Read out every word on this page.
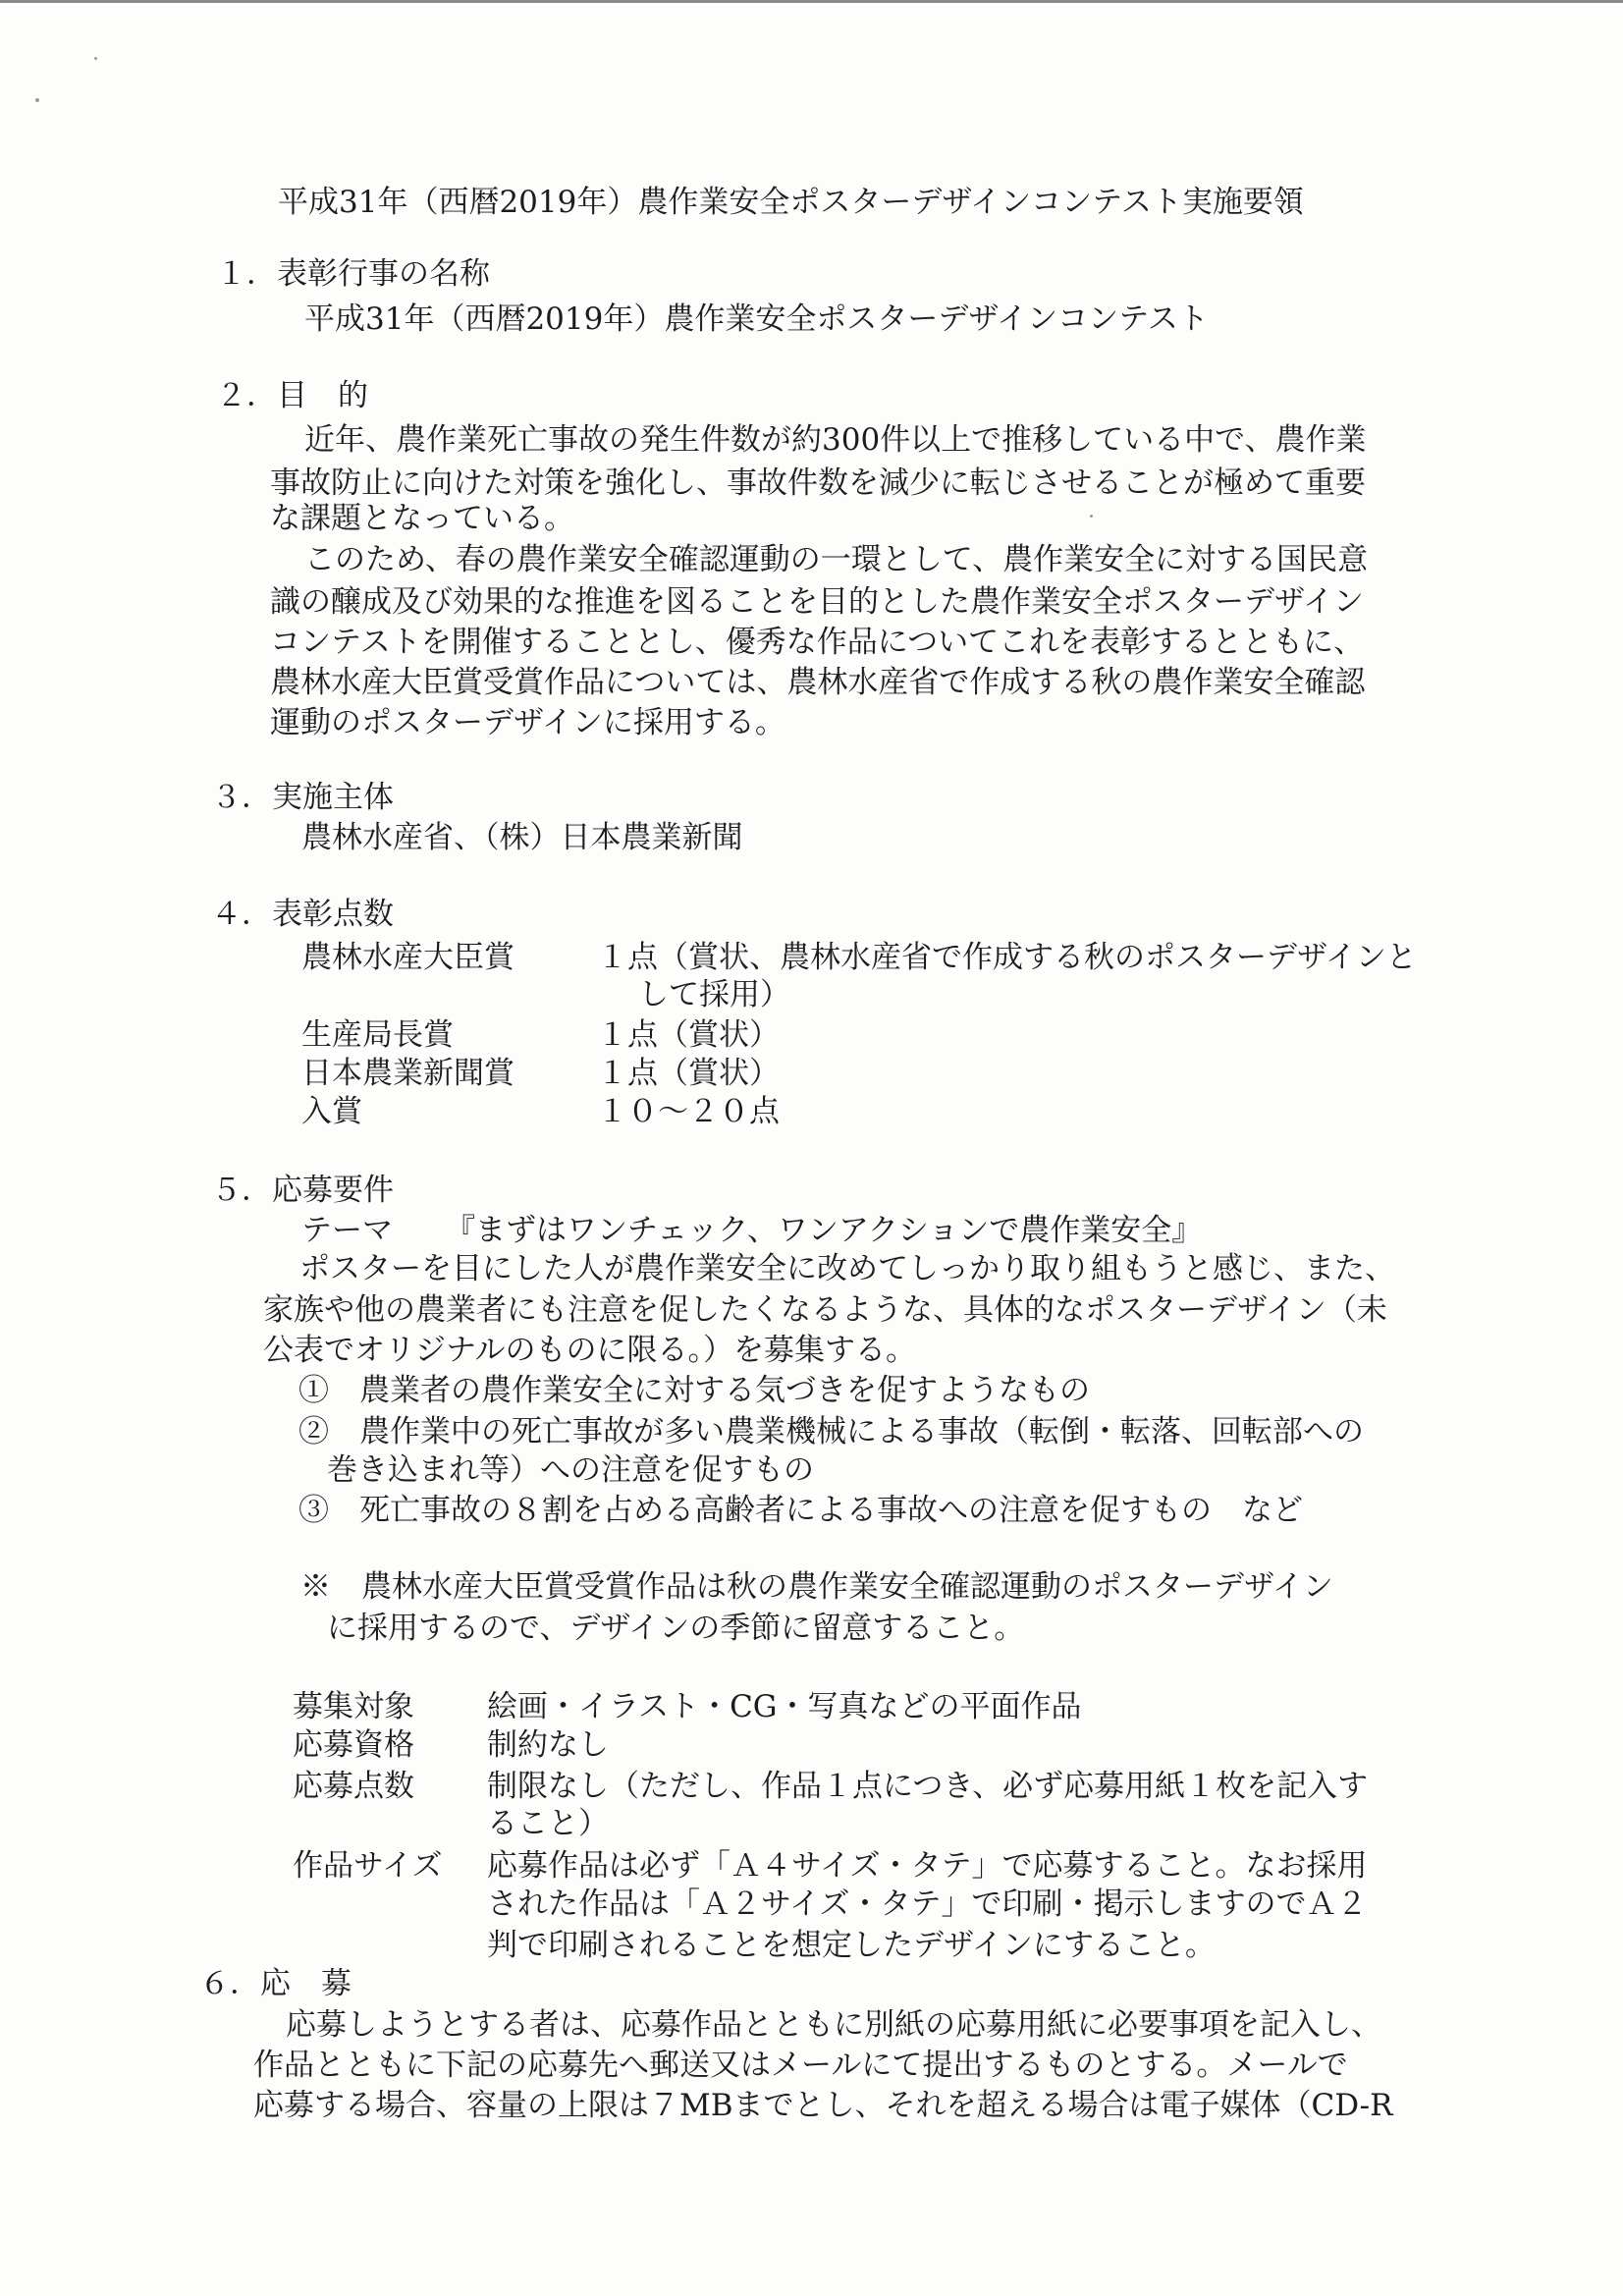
平成31年（西暦2019年）農作業安全ポスターデザインコンテスト実施要領
１．表彰行事の名称
平成31年（西暦2019年）農作業安全ポスターデザインコンテスト
２．目　的
近年、農作業死亡事故の発生件数が約300件以上で推移している中で、農作業
事故防止に向けた対策を強化し、事故件数を減少に転じさせることが極めて重要
な課題となっている。
このため、春の農作業安全確認運動の一環として、農作業安全に対する国民意
識の醸成及び効果的な推進を図ることを目的とした農作業安全ポスターデザイン
コンテストを開催することとし、優秀な作品についてこれを表彰するとともに、
農林水産大臣賞受賞作品については、農林水産省で作成する秋の農作業安全確認
運動のポスターデザインに採用する。
３．実施主体
農林水産省、（株）日本農業新聞
４．表彰点数
農林水産大臣賞	１点（賞状、農林水産省で作成する秋のポスターデザインと
して採用）
生産局長賞	１点（賞状）
日本農業新聞賞	１点（賞状）
入賞	１０～２０点
５．応募要件
テーマ 『まずはワンチェック、ワンアクションで農作業安全』
ポスターを目にした人が農作業安全に改めてしっかり取り組もうと感じ、また、
家族や他の農業者にも注意を促したくなるような、具体的なポスターデザイン（未
公表でオリジナルのものに限る。）を募集する。
①　農業者の農作業安全に対する気づきを促すようなもの
②　農作業中の死亡事故が多い農業機械による事故（転倒・転落、回転部への
巻き込まれ等）への注意を促すもの
③　死亡事故の８割を占める高齢者による事故への注意を促すもの　など
※　農林水産大臣賞受賞作品は秋の農作業安全確認運動のポスターデザイン
に採用するので、デザインの季節に留意すること。
募集対象 絵画・イラスト・CG・写真などの平面作品
応募資格 制約なし
応募点数 制限なし（ただし、作品１点につき、必ず応募用紙１枚を記入す
ること）
作品サイズ 応募作品は必ず「Ａ４サイズ・タテ」で応募すること。なお採用
された作品は「Ａ２サイズ・タテ」で印刷・掲示しますのでＡ２
判で印刷されることを想定したデザインにすること。
６．応　募
応募しようとする者は、応募作品とともに別紙の応募用紙に必要事項を記入し、
作品とともに下記の応募先へ郵送又はメールにて提出するものとする。メールで
応募する場合、容量の上限は７MBまでとし、それを超える場合は電子媒体（CD-R
